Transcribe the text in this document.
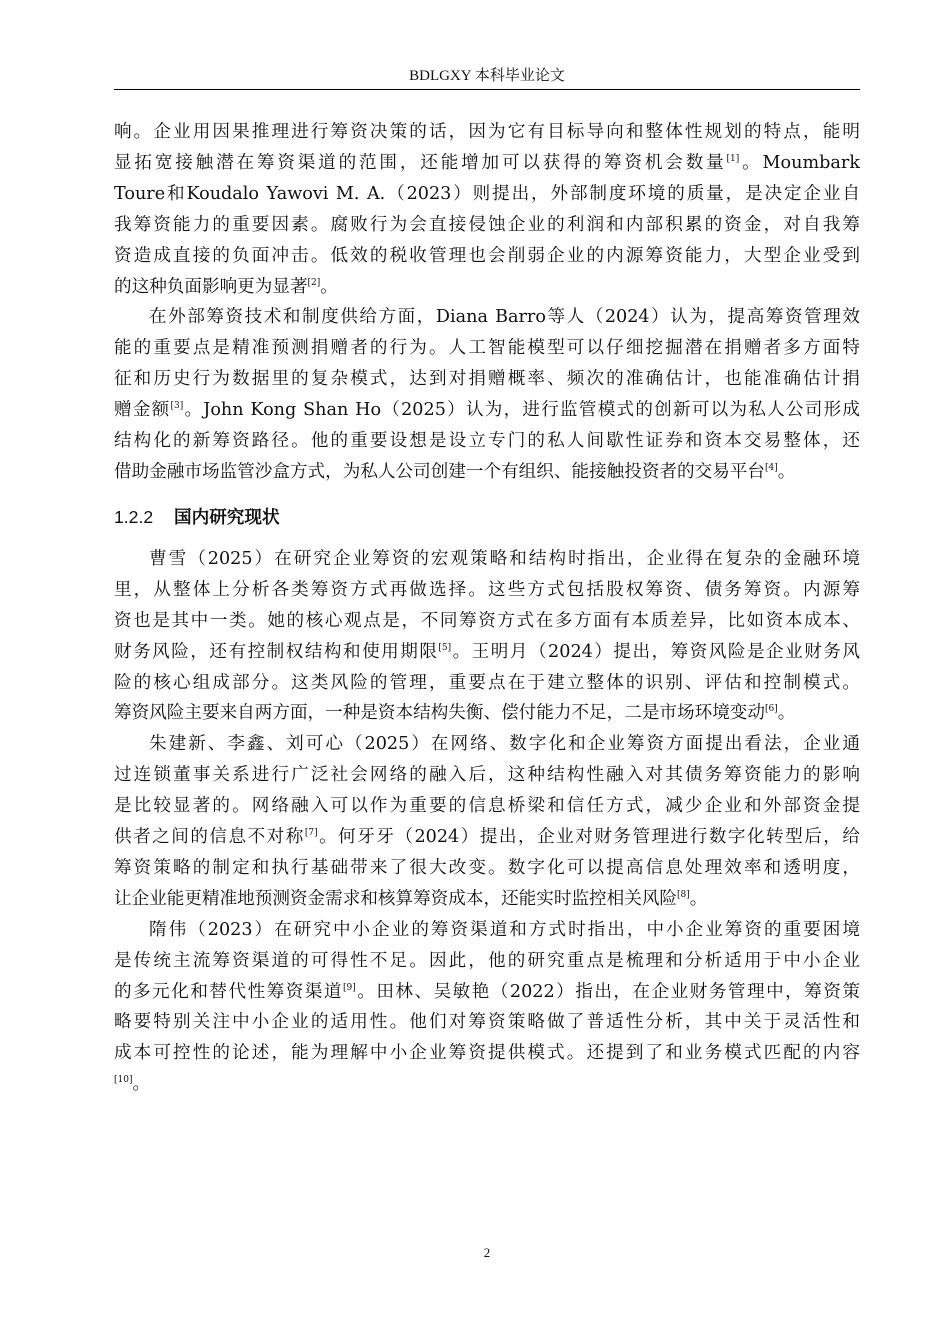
BDLGXY 本科毕业论文

响。企业用因果推理进行筹资决策的话，因为它有目标导向和整体性规划的特点，能明
显拓宽接触潜在筹资渠道的范围，还能增加可以获得的筹资机会数量[1]。Moumbark
Toure和Koudalo Yawovi M. A.（2023）则提出，外部制度环境的质量，是决定企业自
我筹资能力的重要因素。腐败行为会直接侵蚀企业的利润和内部积累的资金，对自我筹
资造成直接的负面冲击。低效的税收管理也会削弱企业的内源筹资能力，大型企业受到
的这种负面影响更为显著[2]。

在外部筹资技术和制度供给方面，Diana Barro等人（2024）认为，提高筹资管理效
能的重要点是精准预测捐赠者的行为。人工智能模型可以仔细挖掘潜在捐赠者多方面特
征和历史行为数据里的复杂模式，达到对捐赠概率、频次的准确估计，也能准确估计捐
赠金额[3]。John Kong Shan Ho（2025）认为，进行监管模式的创新可以为私人公司形成
结构化的新筹资路径。他的重要设想是设立专门的私人间歇性证券和资本交易整体，还
借助金融市场监管沙盒方式，为私人公司创建一个有组织、能接触投资者的交易平台[4]。

1.2.2 国内研究现状

曹雪（2025）在研究企业筹资的宏观策略和结构时指出，企业得在复杂的金融环境
里，从整体上分析各类筹资方式再做选择。这些方式包括股权筹资、债务筹资。内源筹
资也是其中一类。她的核心观点是，不同筹资方式在多方面有本质差异，比如资本成本、
财务风险，还有控制权结构和使用期限[5]。王明月（2024）提出，筹资风险是企业财务风
险的核心组成部分。这类风险的管理，重要点在于建立整体的识别、评估和控制模式。
筹资风险主要来自两方面，一种是资本结构失衡、偿付能力不足，二是市场环境变动[6]。

朱建新、李鑫、刘可心（2025）在网络、数字化和企业筹资方面提出看法，企业通
过连锁董事关系进行广泛社会网络的融入后，这种结构性融入对其债务筹资能力的影响
是比较显著的。网络融入可以作为重要的信息桥梁和信任方式，减少企业和外部资金提
供者之间的信息不对称[7]。何牙牙（2024）提出，企业对财务管理进行数字化转型后，给
筹资策略的制定和执行基础带来了很大改变。数字化可以提高信息处理效率和透明度，
让企业能更精准地预测资金需求和核算筹资成本，还能实时监控相关风险[8]。

隋伟（2023）在研究中小企业的筹资渠道和方式时指出，中小企业筹资的重要困境
是传统主流筹资渠道的可得性不足。因此，他的研究重点是梳理和分析适用于中小企业
的多元化和替代性筹资渠道[9]。田林、吴敏艳（2022）指出，在企业财务管理中，筹资策
略要特别关注中小企业的适用性。他们对筹资策略做了普适性分析，其中关于灵活性和
成本可控性的论述，能为理解中小企业筹资提供模式。还提到了和业务模式匹配的内容
[10]。

2
